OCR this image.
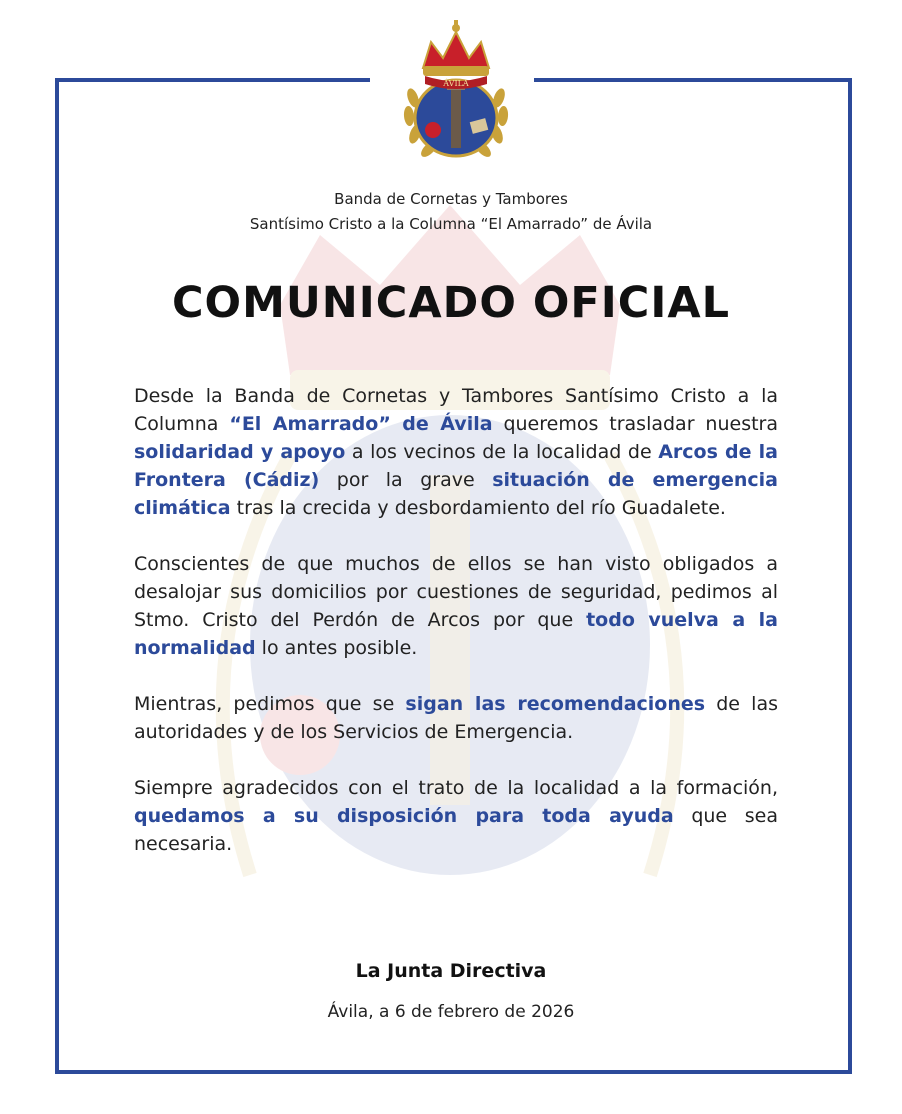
ÁVILA
Banda de Cornetas y Tambores
Santísimo Cristo a la Columna “El Amarrado” de Ávila
COMUNICADO OFICIAL

Desde la Banda de Cornetas y Tambores Santísimo Cristo a la Columna “El Amarrado” de Ávila queremos trasladar nuestra solidaridad y apoyo a los vecinos de la localidad de Arcos de la Frontera (Cádiz) por la grave situación de emergencia climática tras la crecida y desbordamiento del río Guadalete.

Conscientes de que muchos de ellos se han visto obligados a desalojar sus domicilios por cuestiones de seguridad, pedimos al Stmo. Cristo del Perdón de Arcos por que todo vuelva a la normalidad lo antes posible.

Mientras, pedimos que se sigan las recomendaciones de las autoridades y de los Servicios de Emergencia.

Siempre agradecidos con el trato de la localidad a la formación, quedamos a su disposición para toda ayuda que sea necesaria.

La Junta Directiva
Ávila, a 6 de febrero de 2026
